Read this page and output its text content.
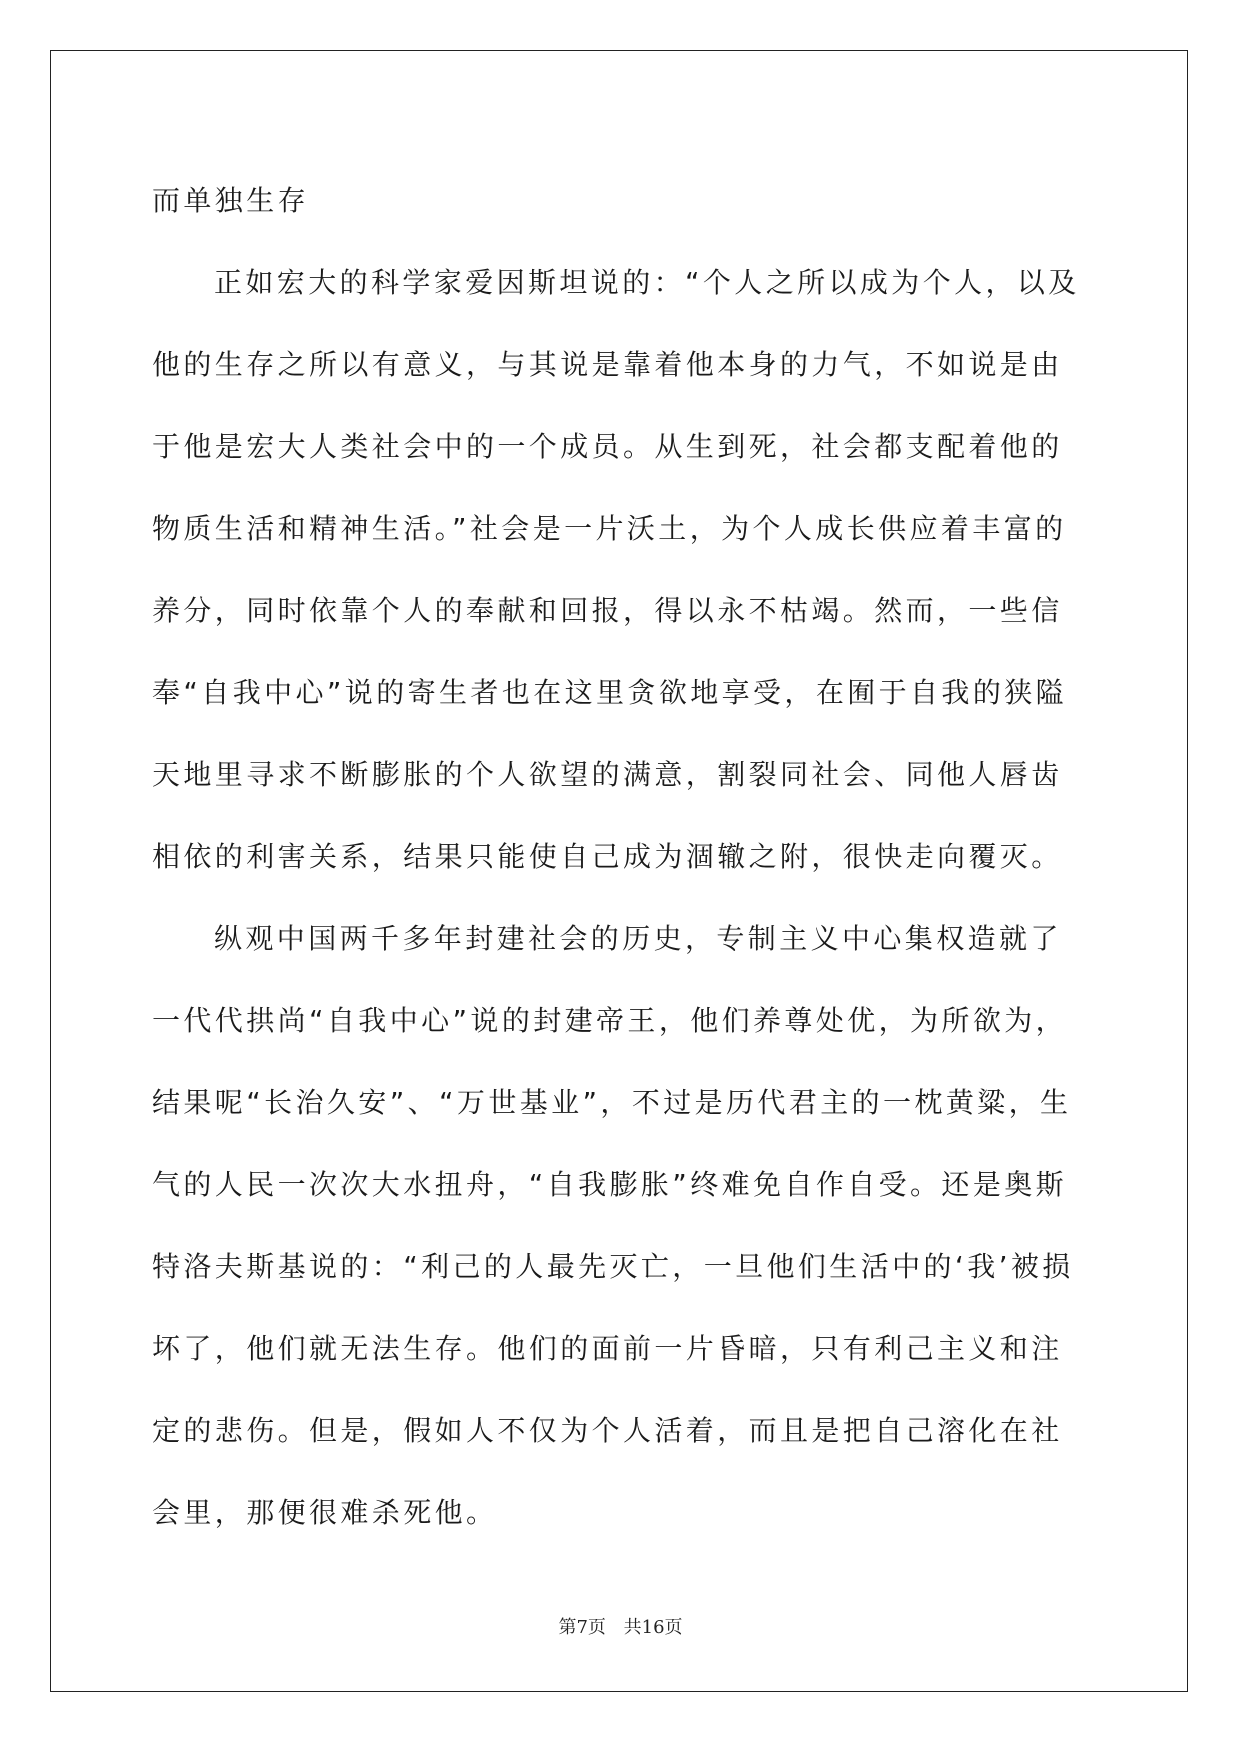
而单独生存

正如宏大的科学家爱因斯坦说的：“个人之所以成为个人，以及他的生存之所以有意义，与其说是靠着他本身的力气，不如说是由于他是宏大人类社会中的一个成员。从生到死，社会都支配着他的物质生活和精神生活。”社会是一片沃土，为个人成长供应着丰富的养分，同时依靠个人的奉献和回报，得以永不枯竭。然而，一些信奉“自我中心”说的寄生者也在这里贪欲地享受，在囿于自我的狭隘天地里寻求不断膨胀的个人欲望的满意，割裂同社会、同他人唇齿相依的利害关系，结果只能使自己成为涸辙之附，很快走向覆灭。

纵观中国两千多年封建社会的历史，专制主义中心集权造就了一代代拱尚“自我中心”说的封建帝王，他们养尊处优，为所欲为，结果呢“长治久安”、“万世基业”，不过是历代君主的一枕黄粱，生气的人民一次次大水扭舟，“自我膨胀”终难免自作自受。还是奥斯特洛夫斯基说的：“利己的人最先灭亡，一旦他们生活中的‘我’被损坏了，他们就无法生存。他们的面前一片昏暗，只有利己主义和注定的悲伤。但是，假如人不仅为个人活着，而且是把自己溶化在社会里，那便很难杀死他。

第7页 共16页
